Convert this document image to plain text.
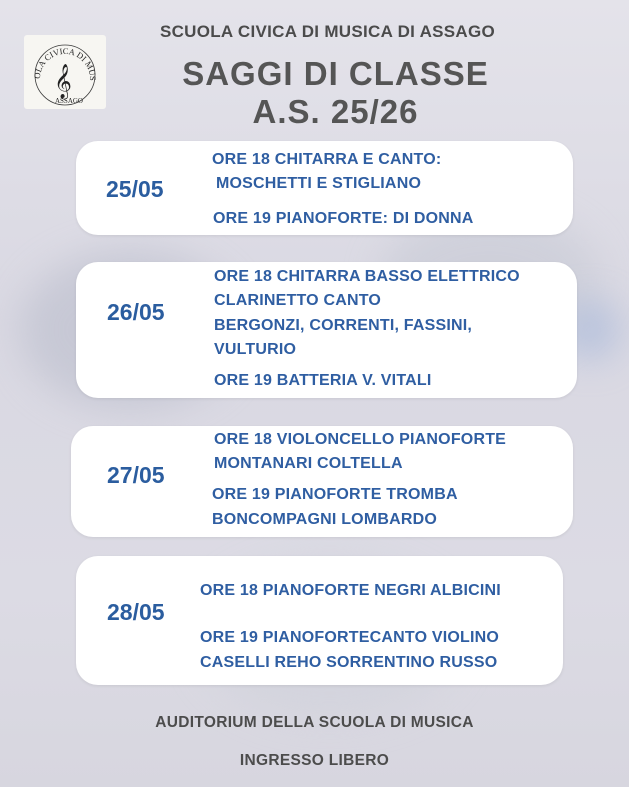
SCUOLA CIVICA DI MUSICA DI ASSAGO
OLA CIVICA DI MUS
ASSAGO
𝄞	SAGGI DI CLASSE
A.S. 25/26
25/05
ORE 18 CHITARRA E CANTO:
MOSCHETTI E STIGLIANO
ORE 19 PIANOFORTE: DI DONNA
26/05
ORE 18 CHITARRA BASSO ELETTRICO
CLARINETTO CANTO
BERGONZI, CORRENTI, FASSINI,
VULTURIO
ORE 19 BATTERIA V. VITALI
27/05
ORE 18 VIOLONCELLO PIANOFORTE
MONTANARI COLTELLA
ORE 19 PIANOFORTE TROMBA
BONCOMPAGNI LOMBARDO
28/05
ORE 18 PIANOFORTE NEGRI ALBICINI
ORE 19 PIANOFORTECANTO VIOLINO
CASELLI REHO SORRENTINO RUSSO
AUDITORIUM DELLA SCUOLA DI MUSICA
INGRESSO LIBERO
